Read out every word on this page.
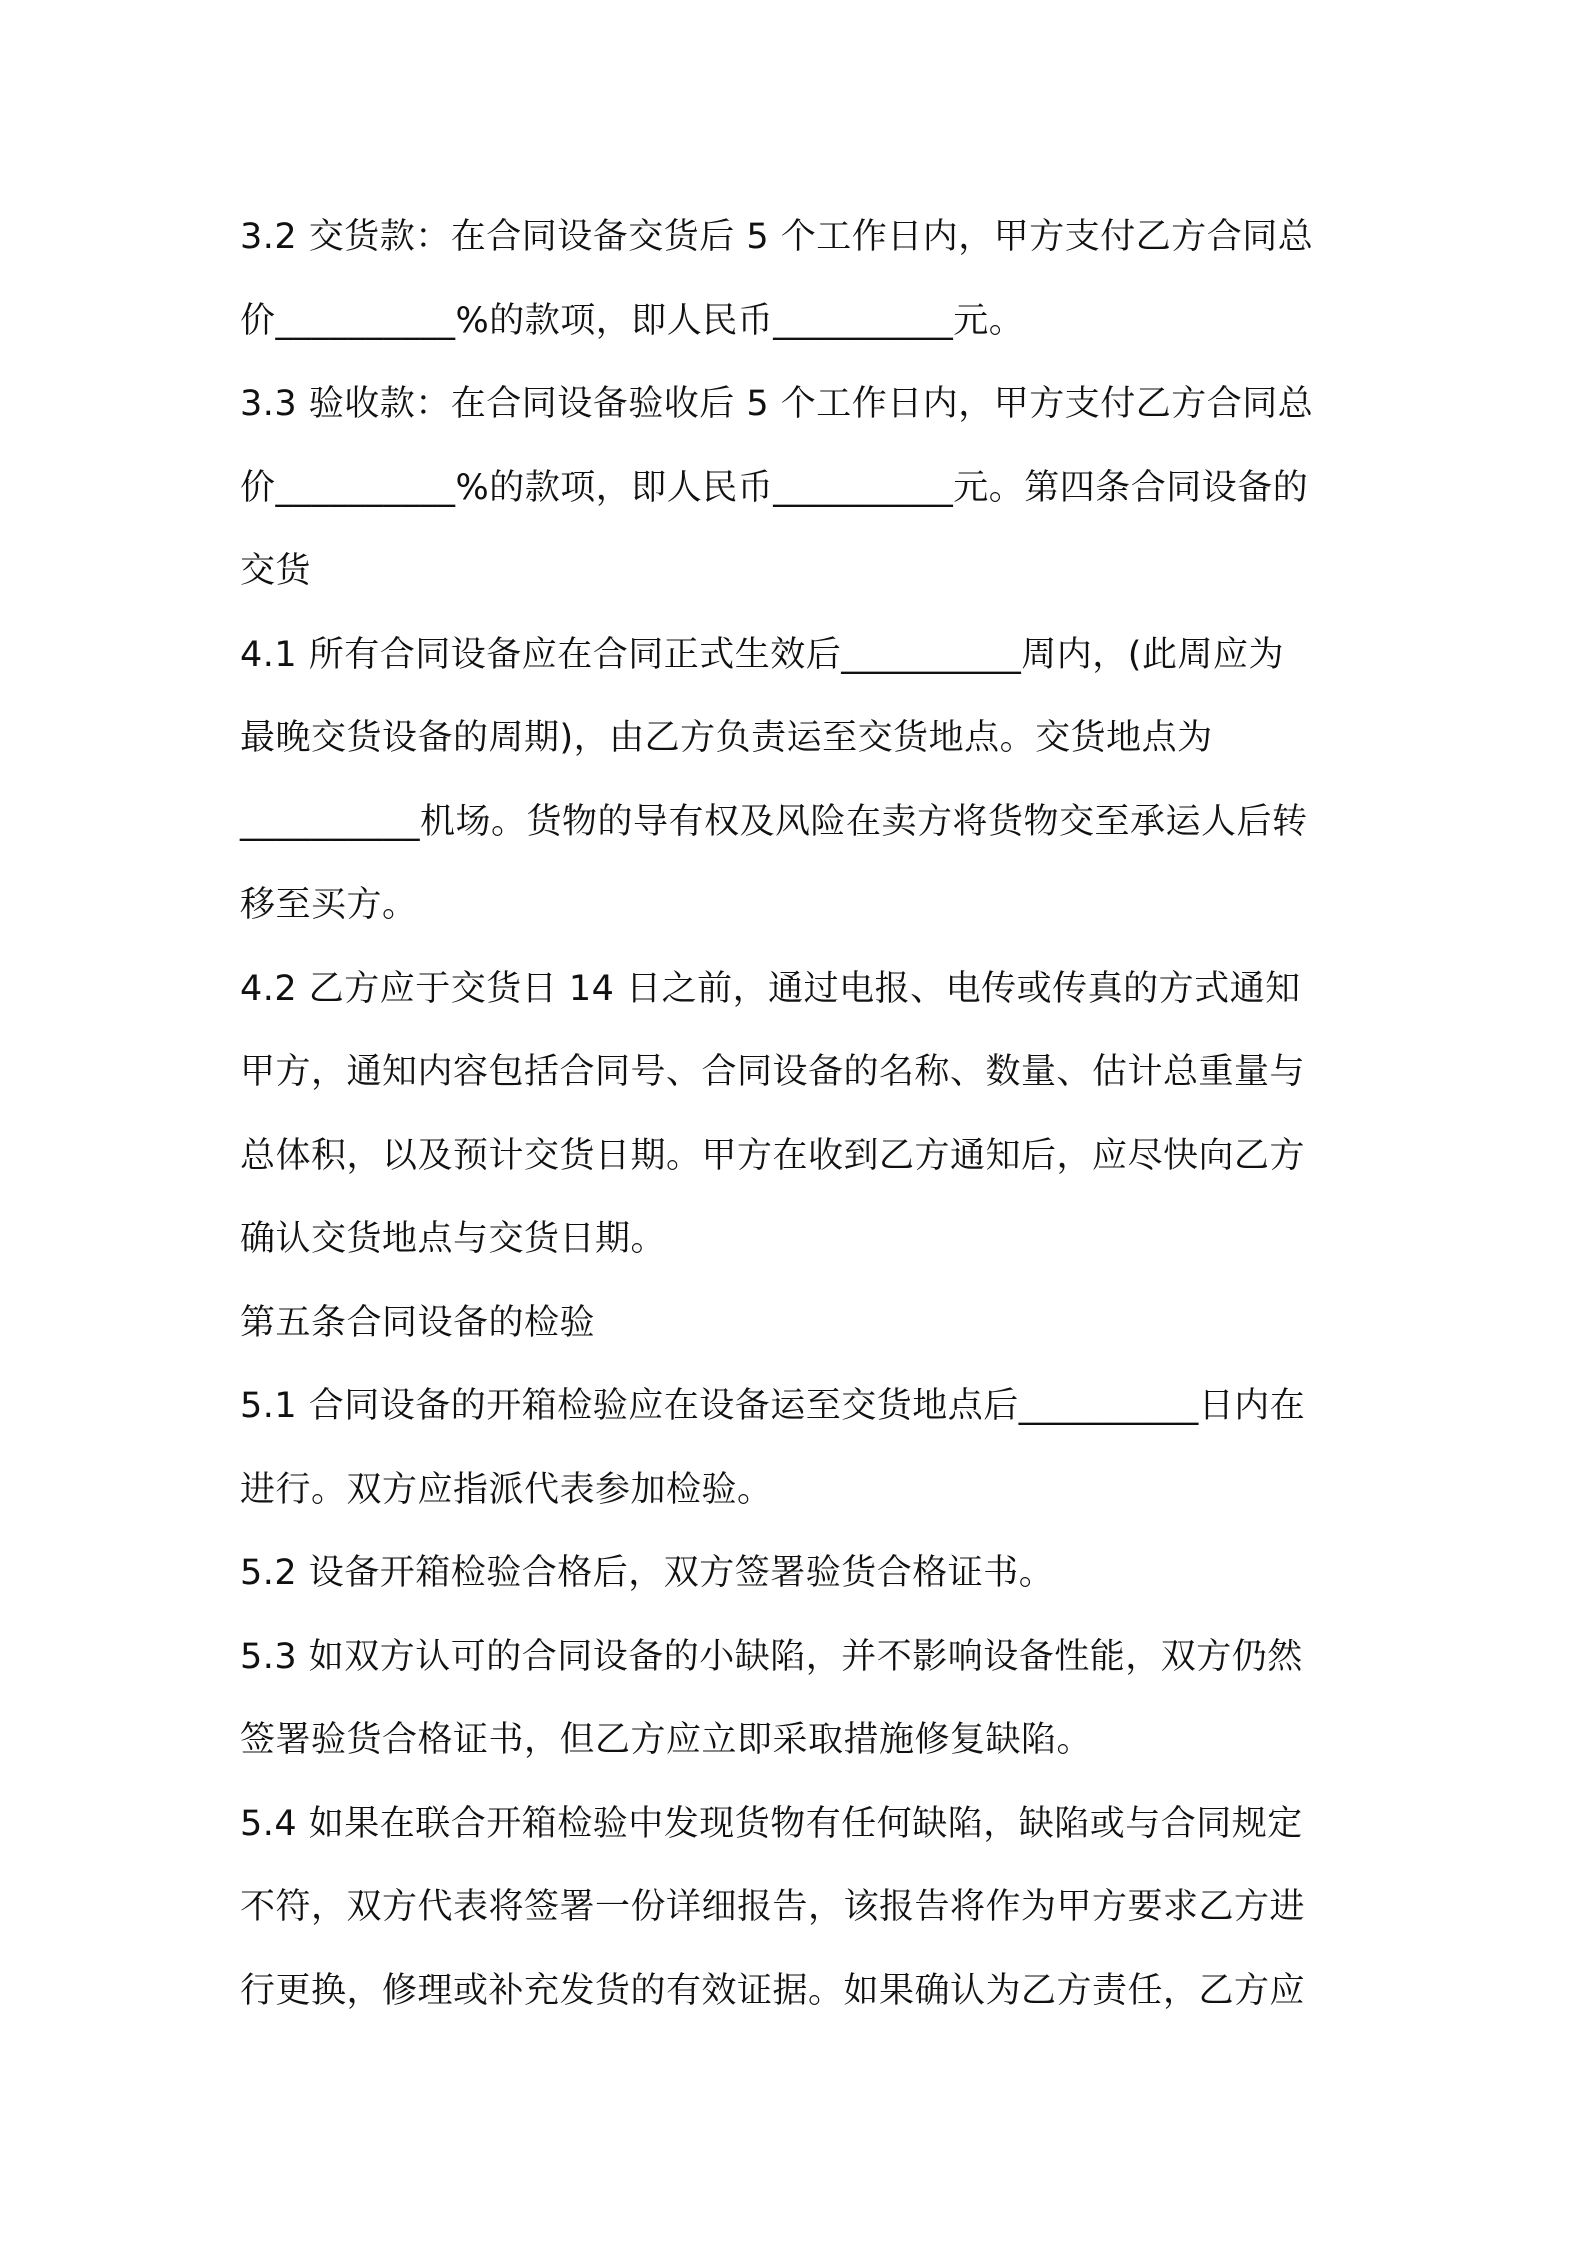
3.2 交货款：在合同设备交货后 5 个工作日内，甲方支付乙方合同总

价__________%的款项，即人民币__________元。

3.3 验收款：在合同设备验收后 5 个工作日内，甲方支付乙方合同总

价__________%的款项，即人民币__________元。第四条合同设备的

交货

4.1 所有合同设备应在合同正式生效后__________周内，(此周应为

最晚交货设备的周期)，由乙方负责运至交货地点。交货地点为

__________机场。货物的导有权及风险在卖方将货物交至承运人后转

移至买方。

4.2 乙方应于交货日 14 日之前，通过电报、电传或传真的方式通知

甲方，通知内容包括合同号、合同设备的名称、数量、估计总重量与

总体积，以及预计交货日期。甲方在收到乙方通知后，应尽快向乙方

确认交货地点与交货日期。

第五条合同设备的检验

5.1 合同设备的开箱检验应在设备运至交货地点后__________日内在

进行。双方应指派代表参加检验。

5.2 设备开箱检验合格后，双方签署验货合格证书。

5.3 如双方认可的合同设备的小缺陷，并不影响设备性能，双方仍然

签署验货合格证书，但乙方应立即采取措施修复缺陷。

5.4 如果在联合开箱检验中发现货物有任何缺陷，缺陷或与合同规定

不符，双方代表将签署一份详细报告，该报告将作为甲方要求乙方进

行更换，修理或补充发货的有效证据。如果确认为乙方责任，乙方应
